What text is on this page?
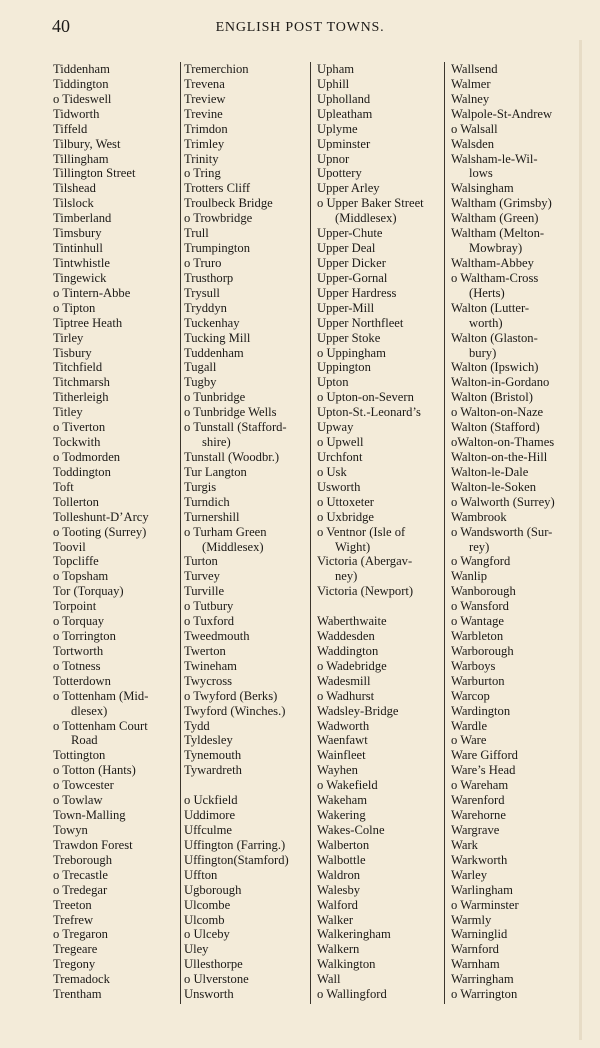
40	ENGLISH POST TOWNS.
Tiddenham
Tiddington
o Tideswell
Tidworth
Tiffeld
Tilbury, West
Tillingham
Tillington Street
Tilshead
Tilslock
Timberland
Timsbury
Tintinhull
Tintwhistle
Tingewick
o Tintern-Abbe
o Tipton
Tiptree Heath
Tirley
Tisbury
Titchfield
Titchmarsh
Titherleigh
Titley
o Tiverton
Tockwith
o Todmorden
Toddington
Toft
Tollerton
Tolleshunt-D’Arcy
o Tooting (Surrey)
Toovil
Topcliffe
o Topsham
Tor (Torquay)
Torpoint
o Torquay
o Torrington
Tortworth
o Totness
Totterdown
o Tottenham (Mid-
dlesex)
o Tottenham Court
Road
Tottington
o Totton (Hants)
o Towcester
o Towlaw
Town-Malling
Towyn
Trawdon Forest
Treborough
o Trecastle
o Tredegar
Treeton
Trefrew
o Tregaron
Tregeare
Tregony
Tremadock
Trentham
Tremerchion
Trevena
Treview
Trevine
Trimdon
Trimley
Trinity
o Tring
Trotters Cliff
Troulbeck Bridge
o Trowbridge
Trull
Trumpington
o Truro
Trusthorp
Trysull
Tryddyn
Tuckenhay
Tucking Mill
Tuddenham
Tugall
Tugby
o Tunbridge
o Tunbridge Wells
o Tunstall (Stafford-
shire)
Tunstall (Woodbr.)
Tur Langton
Turgis
Turndich
Turnershill
o Turham Green
(Middlesex)
Turton
Turvey
Turville
o Tutbury
o Tuxford
Tweedmouth
Twerton
Twineham
Twycross
o Twyford (Berks)
Twyford (Winches.)
Tydd
Tyldesley
Tynemouth
Tywardreth
o Uckfield
Uddimore
Uffculme
Uffington (Farring.)
Uffington(Stamford)
Uffton
Ugborough
Ulcombe
Ulcomb
o Ulceby
Uley
Ullesthorpe
o Ulverstone
Unsworth
Upham
Uphill
Upholland
Upleatham
Uplyme
Upminster
Upnor
Upottery
Upper Arley
o Upper Baker Street
(Middlesex)
Upper-Chute
Upper Deal
Upper Dicker
Upper-Gornal
Upper Hardress
Upper-Mill
Upper Northfleet
Upper Stoke
o Uppingham
Uppington
Upton
o Upton-on-Severn
Upton-St.-Leonard’s
Upway
o Upwell
Urchfont
o Usk
Usworth
o Uttoxeter
o Uxbridge
o Ventnor (Isle of
Wight)
Victoria (Abergav-
ney)
Victoria (Newport)
Waberthwaite
Waddesden
Waddington
o Wadebridge
Wadesmill
o Wadhurst
Wadsley-Bridge
Wadworth
Waenfawt
Wainfleet
Wayhen
o Wakefield
Wakeham
Wakering
Wakes-Colne
Walberton
Walbottle
Waldron
Walesby
Walford
Walker
Walkeringham
Walkern
Walkington
Wall
o Wallingford
Wallsend
Walmer
Walney
Walpole-St-Andrew
o Walsall
Walsden
Walsham-le-Wil-
lows
Walsingham
Waltham (Grimsby)
Waltham (Green)
Waltham (Melton-
Mowbray)
Waltham-Abbey
o Waltham-Cross
(Herts)
Walton (Lutter-
worth)
Walton (Glaston-
bury)
Walton (Ipswich)
Walton-in-Gordano
Walton (Bristol)
o Walton-on-Naze
Walton (Stafford)
oWalton-on-Thames
Walton-on-the-Hill
Walton-le-Dale
Walton-le-Soken
o Walworth (Surrey)
Wambrook
o Wandsworth (Sur-
rey)
o Wangford
Wanlip
Wanborough
o Wansford
o Wantage
Warbleton
Warborough
Warboys
Warburton
Warcop
Wardington
Wardle
o Ware
Ware Gifford
Ware’s Head
o Wareham
Warenford
Warehorne
Wargrave
Wark
Warkworth
Warley
Warlingham
o Warminster
Warmly
Warninglid
Warnford
Warnham
Warringham
o Warrington
